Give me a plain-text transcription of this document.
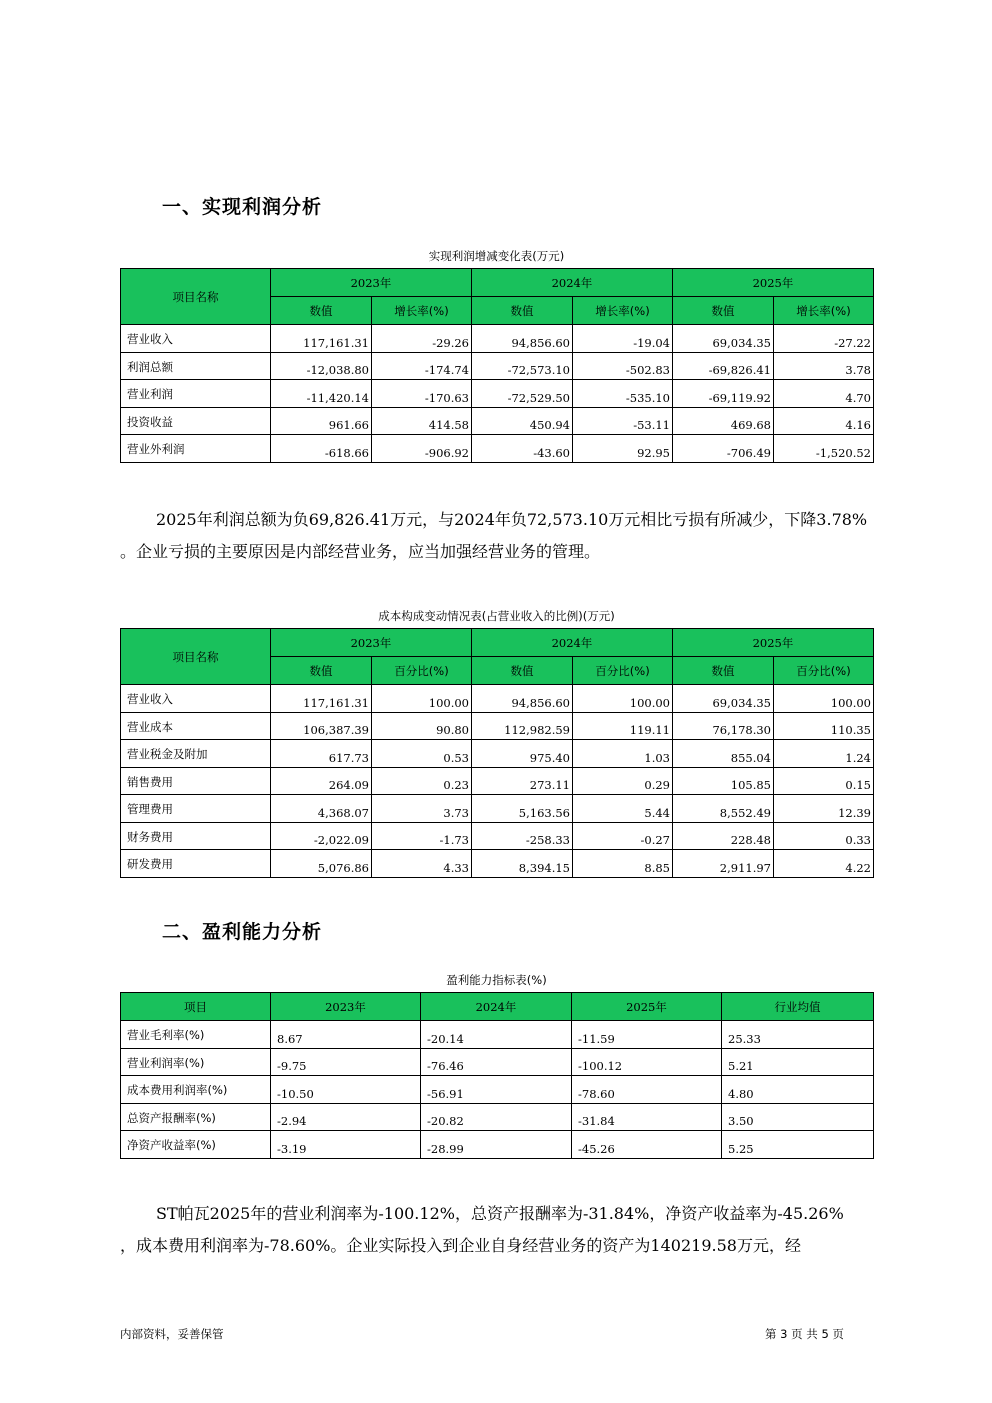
一、实现利润分析
实现利润增减变化表(万元)
项目名称	2023年		2024年		2025年	
	数值	增长率(%)	数值	增长率(%)	数值	增长率(%)
营业收入	117,161.31	-29.26	94,856.60	-19.04	69,034.35	-27.22
利润总额	-12,038.80	-174.74	-72,573.10	-502.83	-69,826.41	3.78
营业利润	-11,420.14	-170.63	-72,529.50	-535.10	-69,119.92	4.70
投资收益	961.66	414.58	450.94	-53.11	469.68	4.16
营业外利润	-618.66	-906.92	-43.60	92.95	-706.49	-1,520.52

2025年利润总额为负69,826.41万元，与2024年负72,573.10万元相比亏损有所减少，下降3.78%

。企业亏损的主要原因是内部经营业务，应当加强经营业务的管理。

成本构成变动情况表(占营业收入的比例)(万元)
项目名称	2023年		2024年		2025年	
	数值	百分比(%)	数值	百分比(%)	数值	百分比(%)
营业收入	117,161.31	100.00	94,856.60	100.00	69,034.35	100.00
营业成本	106,387.39	90.80	112,982.59	119.11	76,178.30	110.35
营业税金及附加	617.73	0.53	975.40	1.03	855.04	1.24
销售费用	264.09	0.23	273.11	0.29	105.85	0.15
管理费用	4,368.07	3.73	5,163.56	5.44	8,552.49	12.39
财务费用	-2,022.09	-1.73	-258.33	-0.27	228.48	0.33
研发费用	5,076.86	4.33	8,394.15	8.85	2,911.97	4.22
二、盈利能力分析
盈利能力指标表(%)
项目	2023年	2024年	2025年	行业均值
营业毛利率(%)	8.67	-20.14	-11.59	25.33
营业利润率(%)	-9.75	-76.46	-100.12	5.21
成本费用利润率(%)	-10.50	-56.91	-78.60	4.80
总资产报酬率(%)	-2.94	-20.82	-31.84	3.50
净资产收益率(%)	-3.19	-28.99	-45.26	5.25

ST帕瓦2025年的营业利润率为-100.12%，总资产报酬率为-31.84%，净资产收益率为-45.26%

，成本费用利润率为-78.60%。企业实际投入到企业自身经营业务的资产为140219.58万元，经

内部资料，妥善保管	第 3 页 共 5 页
